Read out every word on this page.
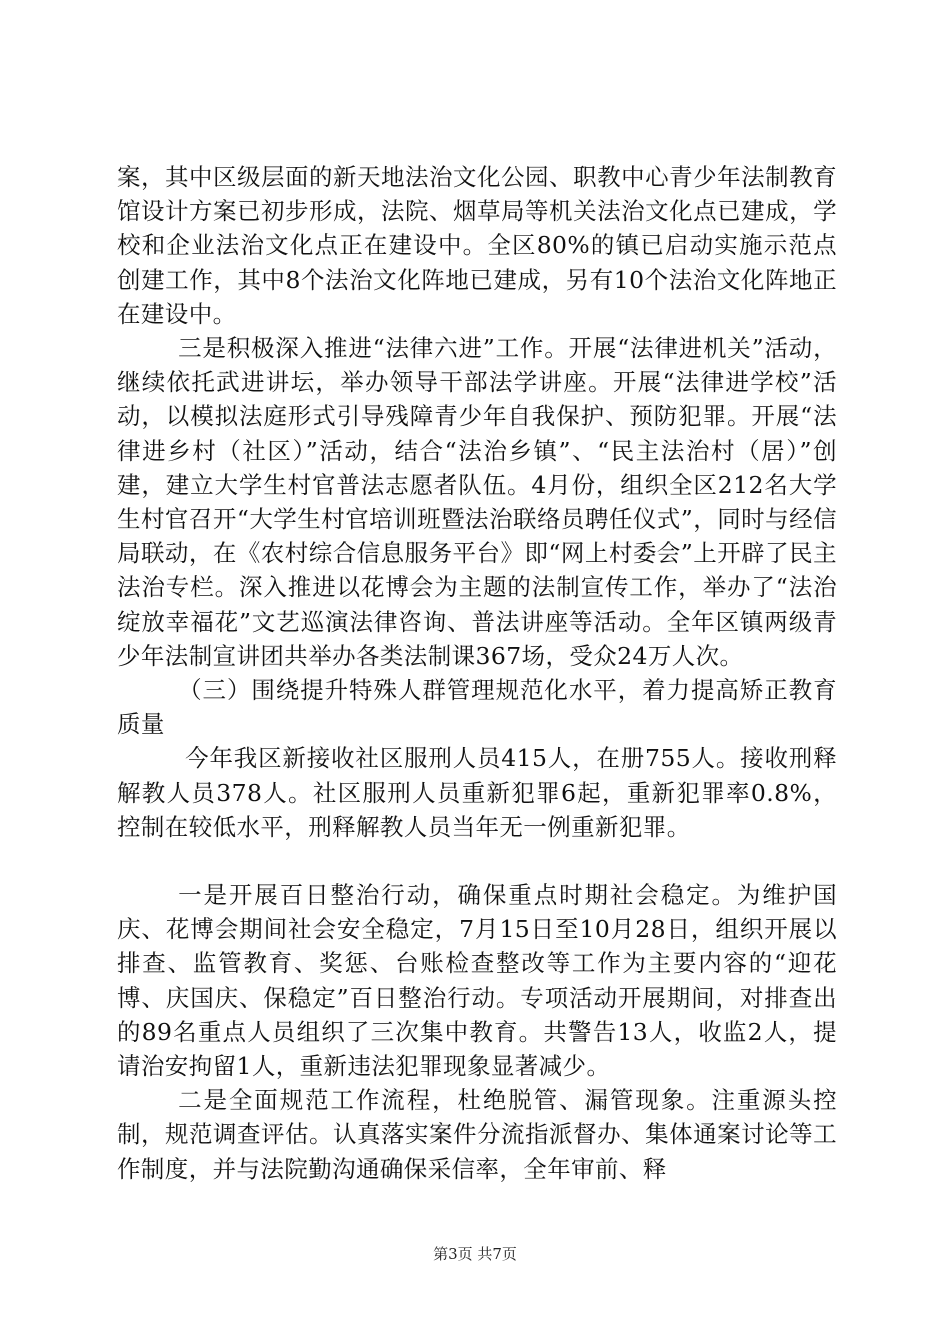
案，其中区级层面的新天地法治文化公园、职教中心青少年法制教育馆设计方案已初步形成，法院、烟草局等机关法治文化点已建成，学校和企业法治文化点正在建设中。全区80%的镇已启动实施示范点创建工作，其中8个法治文化阵地已建成，另有10个法治文化阵地正在建设中。

三是积极深入推进“法律六进”工作。开展“法律进机关”活动，继续依托武进讲坛，举办领导干部法学讲座。开展“法律进学校”活动，以模拟法庭形式引导残障青少年自我保护、预防犯罪。开展“法律进乡村（社区）”活动，结合“法治乡镇”、“民主法治村（居）”创建，建立大学生村官普法志愿者队伍。4月份，组织全区212名大学生村官召开“大学生村官培训班暨法治联络员聘任仪式”，同时与经信局联动，在《农村综合信息服务平台》即“网上村委会”上开辟了民主法治专栏。深入推进以花博会为主题的法制宣传工作，举办了“法治绽放幸福花”文艺巡演法律咨询、普法讲座等活动。全年区镇两级青少年法制宣讲团共举办各类法制课367场，受众24万人次。

（三）围绕提升特殊人群管理规范化水平，着力提高矫正教育质量

今年我区新接收社区服刑人员415人，在册755人。接收刑释解教人员378人。社区服刑人员重新犯罪6起，重新犯罪率0.8%，控制在较低水平，刑释解教人员当年无一例重新犯罪。

一是开展百日整治行动，确保重点时期社会稳定。为维护国庆、花博会期间社会安全稳定，7月15日至10月28日，组织开展以排查、监管教育、奖惩、台账检查整改等工作为主要内容的“迎花博、庆国庆、保稳定”百日整治行动。专项活动开展期间，对排查出的89名重点人员组织了三次集中教育。共警告13人，收监2人，提请治安拘留1人，重新违法犯罪现象显著减少。

二是全面规范工作流程，杜绝脱管、漏管现象。注重源头控制，规范调查评估。认真落实案件分流指派督办、集体通案讨论等工作制度，并与法院勤沟通确保采信率，全年审前、释

第3页 共7页
